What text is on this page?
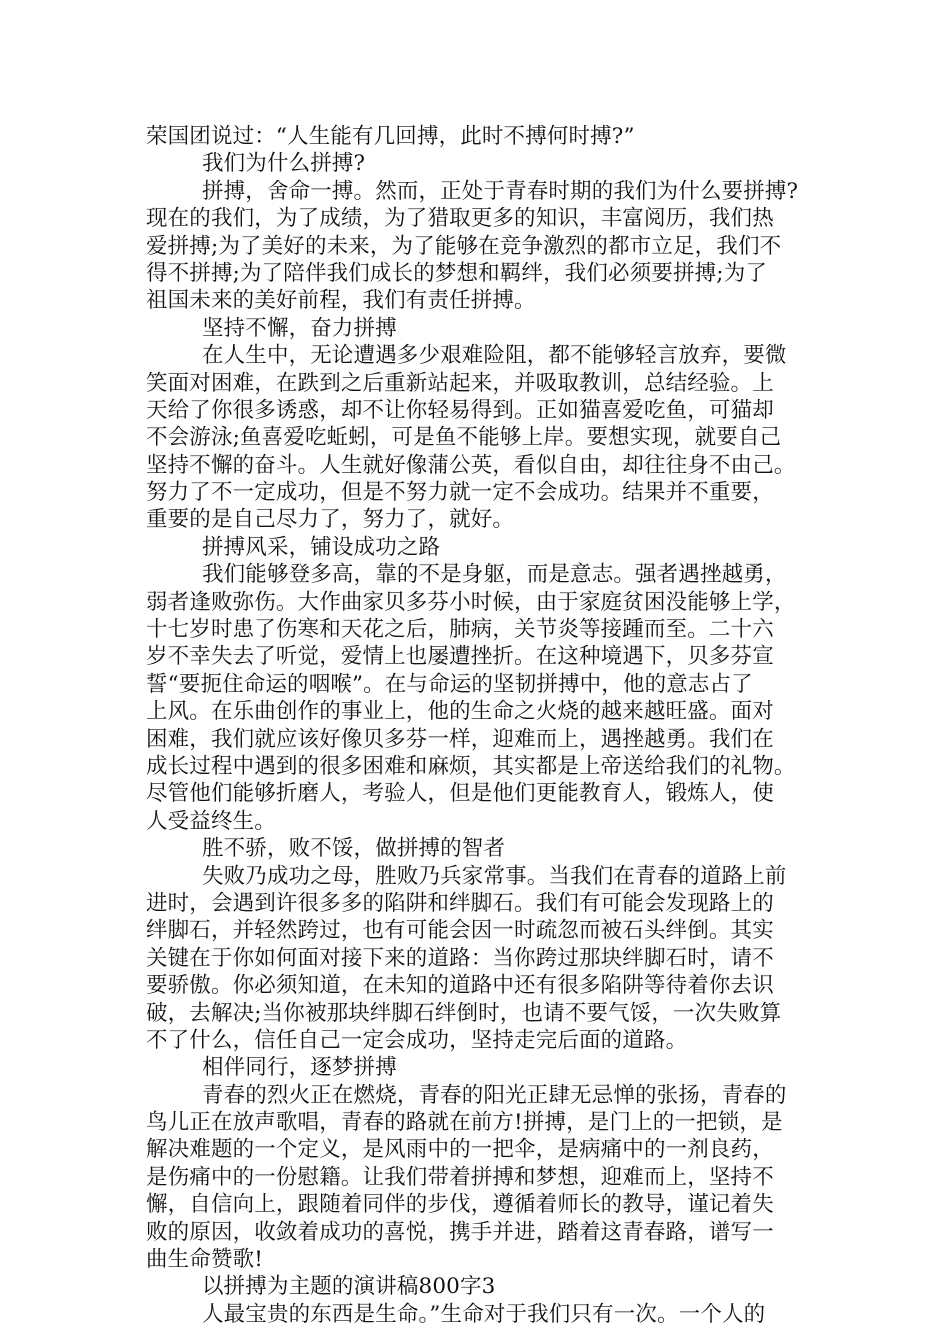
荣国团说过：“人生能有几回搏，此时不搏何时搏?”
我们为什么拼搏?
拼搏，舍命一搏。然而，正处于青春时期的我们为什么要拼搏?
现在的我们，为了成绩，为了猎取更多的知识，丰富阅历，我们热
爱拼搏;为了美好的未来，为了能够在竞争激烈的都市立足，我们不
得不拼搏;为了陪伴我们成长的梦想和羁绊，我们必须要拼搏;为了
祖国未来的美好前程，我们有责任拼搏。
坚持不懈，奋力拼搏
在人生中，无论遭遇多少艰难险阻，都不能够轻言放弃，要微
笑面对困难，在跌到之后重新站起来，并吸取教训，总结经验。上
天给了你很多诱惑，却不让你轻易得到。正如猫喜爱吃鱼，可猫却
不会游泳;鱼喜爱吃蚯蚓，可是鱼不能够上岸。要想实现，就要自己
坚持不懈的奋斗。人生就好像蒲公英，看似自由，却往往身不由己。
努力了不一定成功，但是不努力就一定不会成功。结果并不重要，
重要的是自己尽力了，努力了，就好。
拼搏风采，铺设成功之路
我们能够登多高，靠的不是身躯，而是意志。强者遇挫越勇，
弱者逢败弥伤。大作曲家贝多芬小时候，由于家庭贫困没能够上学，
十七岁时患了伤寒和天花之后，肺病，关节炎等接踵而至。二十六
岁不幸失去了听觉，爱情上也屡遭挫折。在这种境遇下，贝多芬宣
誓“要扼住命运的咽喉”。在与命运的坚韧拼搏中，他的意志占了
上风。在乐曲创作的事业上，他的生命之火烧的越来越旺盛。面对
困难，我们就应该好像贝多芬一样，迎难而上，遇挫越勇。我们在
成长过程中遇到的很多困难和麻烦，其实都是上帝送给我们的礼物。
尽管他们能够折磨人，考验人，但是他们更能教育人，锻炼人，使
人受益终生。
胜不骄，败不馁，做拼搏的智者
失败乃成功之母，胜败乃兵家常事。当我们在青春的道路上前
进时，会遇到许很多多的陷阱和绊脚石。我们有可能会发现路上的
绊脚石，并轻然跨过，也有可能会因一时疏忽而被石头绊倒。其实
关键在于你如何面对接下来的道路：当你跨过那块绊脚石时，请不
要骄傲。你必须知道，在未知的道路中还有很多陷阱等待着你去识
破，去解决;当你被那块绊脚石绊倒时，也请不要气馁，一次失败算
不了什么，信任自己一定会成功，坚持走完后面的道路。
相伴同行，逐梦拼搏
青春的烈火正在燃烧，青春的阳光正肆无忌惮的张扬，青春的
鸟儿正在放声歌唱，青春的路就在前方!拼搏，是门上的一把锁，是
解决难题的一个定义，是风雨中的一把伞，是病痛中的一剂良药，
是伤痛中的一份慰籍。让我们带着拼搏和梦想，迎难而上，坚持不
懈，自信向上，跟随着同伴的步伐，遵循着师长的教导，谨记着失
败的原因，收敛着成功的喜悦，携手并进，踏着这青春路，谱写一
曲生命赞歌!
以拼搏为主题的演讲稿800字3
人最宝贵的东西是生命。”生命对于我们只有一次。一个人的
